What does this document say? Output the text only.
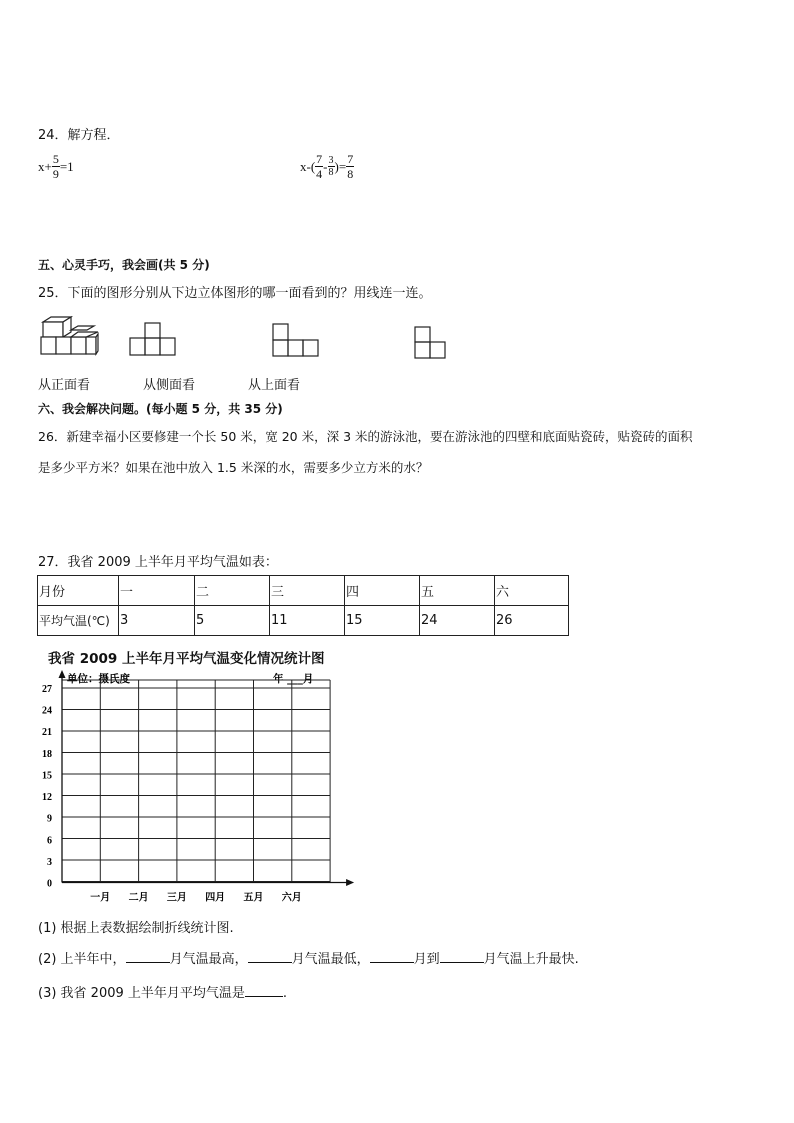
24．解方程．
$x+ \frac{5}{9} =1$	$x-( \frac{7}{4} - \frac{3}{8}$ )= $\frac{7}{8}$
五、心灵手巧，我会画(共 5 分)
25．下面的图形分别从下边立体图形的哪一面看到的？用线连一连。
从正面看	从侧面看	从上面看
六、我会解决问题。(每小题 5 分，共 35 分)
26．新建幸福小区要修建一个长 50 米，宽 20 米，深 3 米的游泳池，要在游泳池的四壁和底面贴瓷砖，贴瓷砖的面积
是多少平方米？如果在池中放入 1.5 米深的水，需要多少立方米的水？
27．我省 2009 上半年月平均气温如表：
月份	一	二	三	四	五	六
平均气温(℃)	3	5	11	15	24	26
我省 2009 上半年月平均气温变化情况统计图
单位：摄氏度	年 ___月
0
3
6
9
12
15
18
21
24
27
一月 二月 三月 四月 五月 六月
(1) 根据上表数据绘制折线统计图.
(2) 上半年中，	月气温最高，	月气温最低，	月到	月气温上升最快.
(3) 我省 2009 上半年月平均气温是	.
